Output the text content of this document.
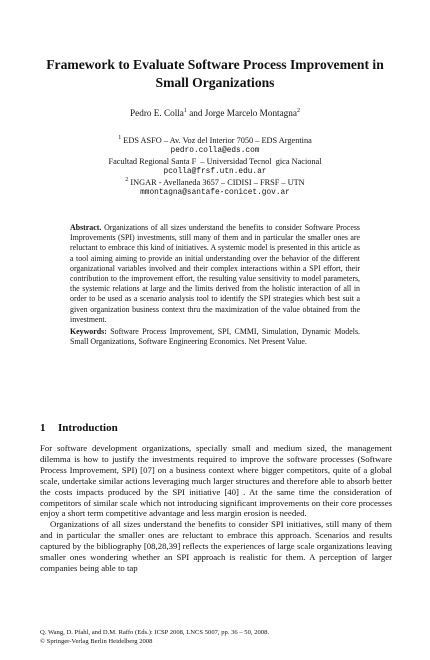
Framework to Evaluate Software Process Improvement in Small Organizations
Pedro E. Colla$^1$ and Jorge Marcelo Montagna$^2$
$^1$ EDS ASFO – Av. Voz del Interior 7050 – EDS Argentina
pedro.colla@eds.com
Facultad Regional Santa F  – Universidad Tecnol  gica Nacional
pcolla@frsf.utn.edu.ar
$^2$ INGAR - Avellaneda 3657 – CIDISI – FRSF – UTN
mmontagna@santafe-conicet.gov.ar
Abstract. Organizations of all sizes understand the benefits to consider Software Process Improvements (SPI) investments, still many of them and in particular the smaller ones are reluctant to embrace this kind of initiatives. A systemic model is presented in this article as a tool aiming aiming to provide an initial understanding over the behavior of the different organizational variables involved and their complex interactions within a SPI effort, their contribution to the improvement effort, the resulting value sensitivity to model parameters, the systemic relations at large and the limits derived from the holistic interaction of all in order to be used as a scenario analysis tool to identify the SPI strategies which best suit a given organization business context thru the maximization of the value obtained from the investment.
Keywords: Software Process Improvement, SPI, CMMI, Simulation, Dynamic Models. Small Organizations, Software Engineering Economics. Net Present Value.
1 Introduction

For software development organizations, specially small and medium sized, the management dilemma is how to justify the investments required to improve the software processes (Software Process Improvement, SPI) [07] on a business context where bigger competitors, quite of a global scale, undertake similar actions leveraging much larger structures and therefore able to absorb better the costs impacts produced by the SPI initiative [40] . At the same time the consideration of competitors of similar scale which not introducing significant improvements on their core processes enjoy a short term competitive advantage and less margin erosion is needed.

Organizations of all sizes understand the benefits to consider SPI initiatives, still many of them and in particular the smaller ones are reluctant to embrace this approach. Scenarios and results captured by the bibliography [08,28,39] reflects the experiences of large scale organizations leaving smaller ones wondering whether an SPI approach is realistic for them. A perception of larger companies being able to tap

Q. Wang, D. Pfahl, and D.M. Raffo (Eds.): ICSP 2008, LNCS 5007, pp. 36 – 50, 2008.
© Springer-Verlag Berlin Heidelberg 2008
